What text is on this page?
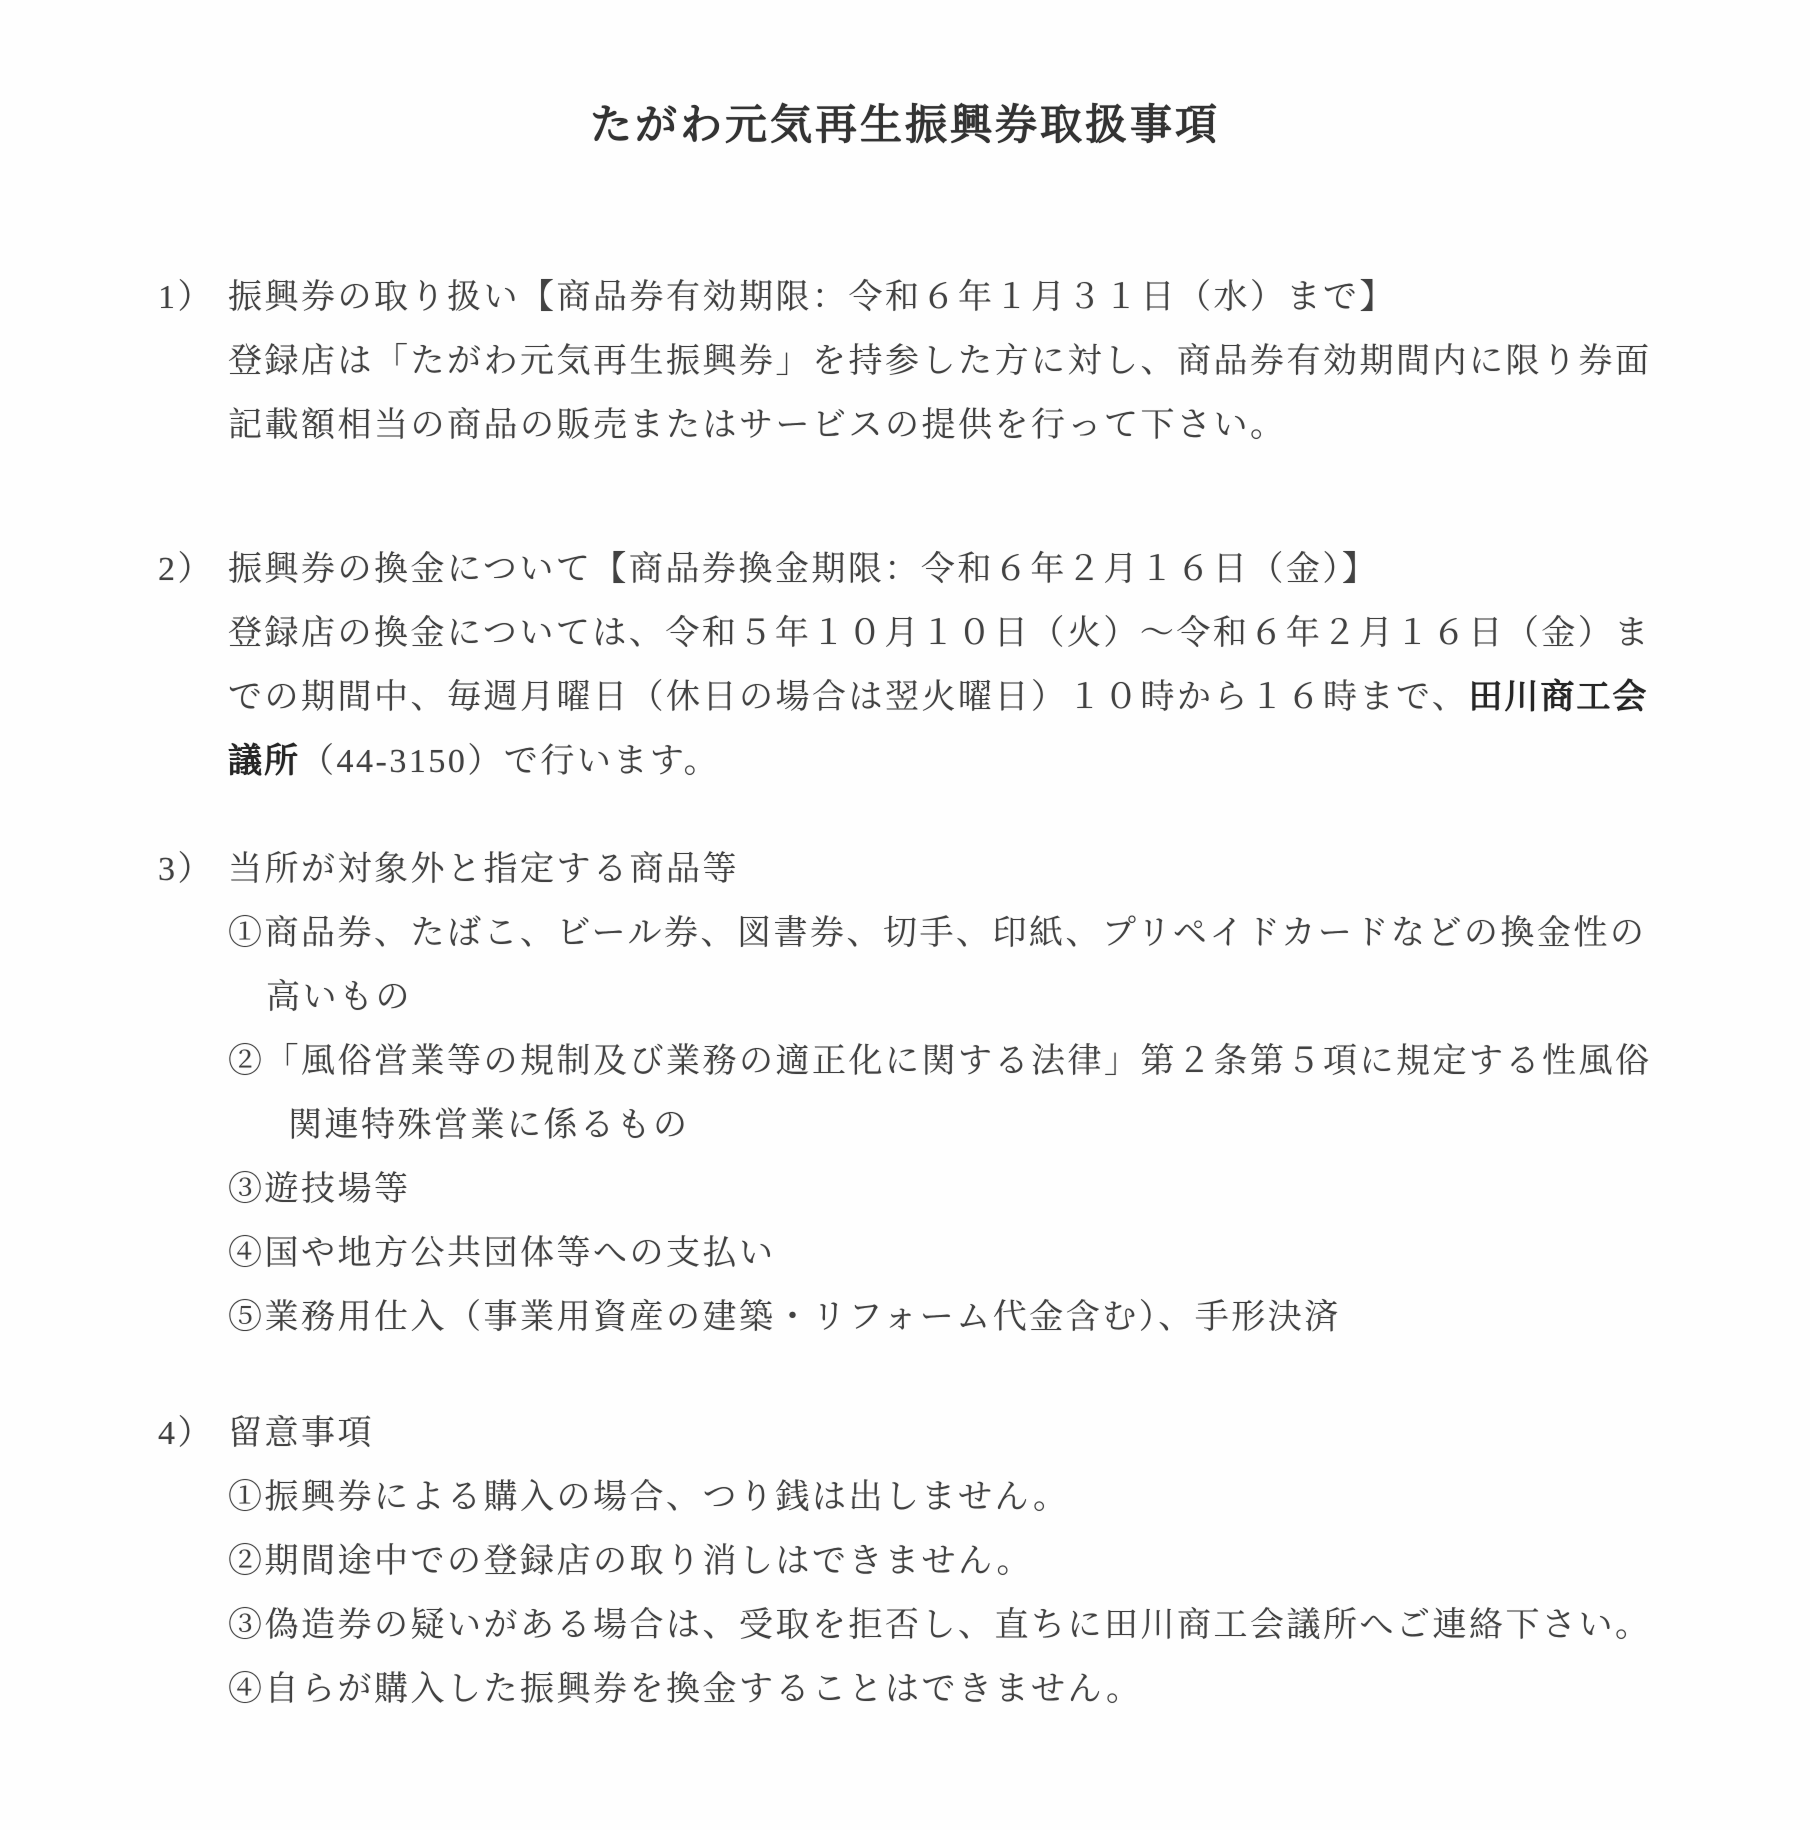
たがわ元気再生振興券取扱事項
1） 振興券の取り扱い【商品券有効期限：令和６年１月３１日（水）まで】
登録店は「たがわ元気再生振興券」を持参した方に対し、商品券有効期間内に限り券面
記載額相当の商品の販売またはサービスの提供を行って下さい。
2） 振興券の換金について【商品券換金期限：令和６年２月１６日（金）】
登録店の換金については、令和５年１０月１０日（火）～令和６年２月１６日（金）ま
での期間中、毎週月曜日（休日の場合は翌火曜日）１０時から１６時まで、田川商工会
議所（44-3150）で行います。
3） 当所が対象外と指定する商品等
①商品券、たばこ、ビール券、図書券、切手、印紙、プリペイドカードなどの換金性の
高いもの
②「風俗営業等の規制及び業務の適正化に関する法律」第２条第５項に規定する性風俗
関連特殊営業に係るもの
③遊技場等
④国や地方公共団体等への支払い
⑤業務用仕入（事業用資産の建築・リフォーム代金含む）、手形決済
4） 留意事項
①振興券による購入の場合、つり銭は出しません。
②期間途中での登録店の取り消しはできません。
③偽造券の疑いがある場合は、受取を拒否し、直ちに田川商工会議所へご連絡下さい。
④自らが購入した振興券を換金することはできません。
